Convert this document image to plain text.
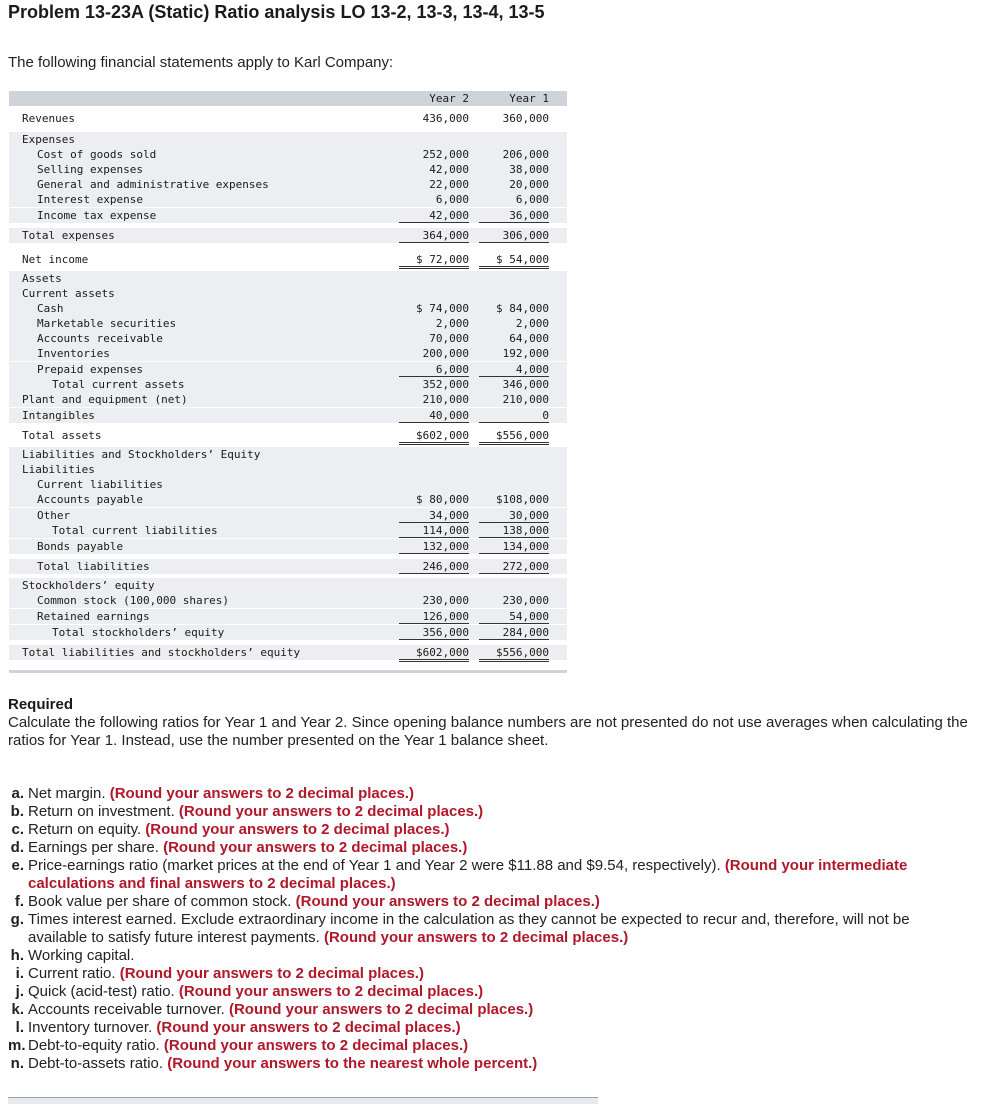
Problem 13-23A (Static) Ratio analysis LO 13-2, 13-3, 13-4, 13-5
The following financial statements apply to Karl Company:
Year 2	Year 1
Revenues	436,000	360,000
Expenses
Cost of goods sold	252,000	206,000
Selling expenses	42,000	38,000
General and administrative expenses	22,000	20,000
Interest expense	6,000	6,000
Income tax expense	42,000	36,000
Total expenses	364,000	306,000
Net income	$ 72,000	$ 54,000
Assets
Current assets
Cash	$ 74,000	$ 84,000
Marketable securities	2,000	2,000
Accounts receivable	70,000	64,000
Inventories	200,000	192,000
Prepaid expenses	6,000	4,000
Total current assets	352,000	346,000
Plant and equipment (net)	210,000	210,000
Intangibles	40,000	0
Total assets	$602,000	$556,000
Liabilities and Stockholders’ Equity
Liabilities
Current liabilities
Accounts payable	$ 80,000	$108,000
Other	34,000	30,000
Total current liabilities	114,000	138,000
Bonds payable	132,000	134,000
Total liabilities	246,000	272,000
Stockholders’ equity
Common stock (100,000 shares)	230,000	230,000
Retained earnings	126,000	54,000
Total stockholders’ equity	356,000	284,000
Total liabilities and stockholders’ equity	$602,000	$556,000
Required
Calculate the following ratios for Year 1 and Year 2. Since opening balance numbers are not presented do not use averages when calculating the ratios for Year 1. Instead, use the number presented on the Year 1 balance sheet.
a. Net margin. (Round your answers to 2 decimal places.)
b. Return on investment. (Round your answers to 2 decimal places.)
c. Return on equity. (Round your answers to 2 decimal places.)
d. Earnings per share. (Round your answers to 2 decimal places.)
e. Price-earnings ratio (market prices at the end of Year 1 and Year 2 were $11.88 and $9.54, respectively). (Round your intermediate calculations and final answers to 2 decimal places.)
f. Book value per share of common stock. (Round your answers to 2 decimal places.)
g. Times interest earned. Exclude extraordinary income in the calculation as they cannot be expected to recur and, therefore, will not be available to satisfy future interest payments. (Round your answers to 2 decimal places.)
h. Working capital.
i. Current ratio. (Round your answers to 2 decimal places.)
j. Quick (acid-test) ratio. (Round your answers to 2 decimal places.)
k. Accounts receivable turnover. (Round your answers to 2 decimal places.)
l. Inventory turnover. (Round your answers to 2 decimal places.)
m. Debt-to-equity ratio. (Round your answers to 2 decimal places.)
n. Debt-to-assets ratio. (Round your answers to the nearest whole percent.)
